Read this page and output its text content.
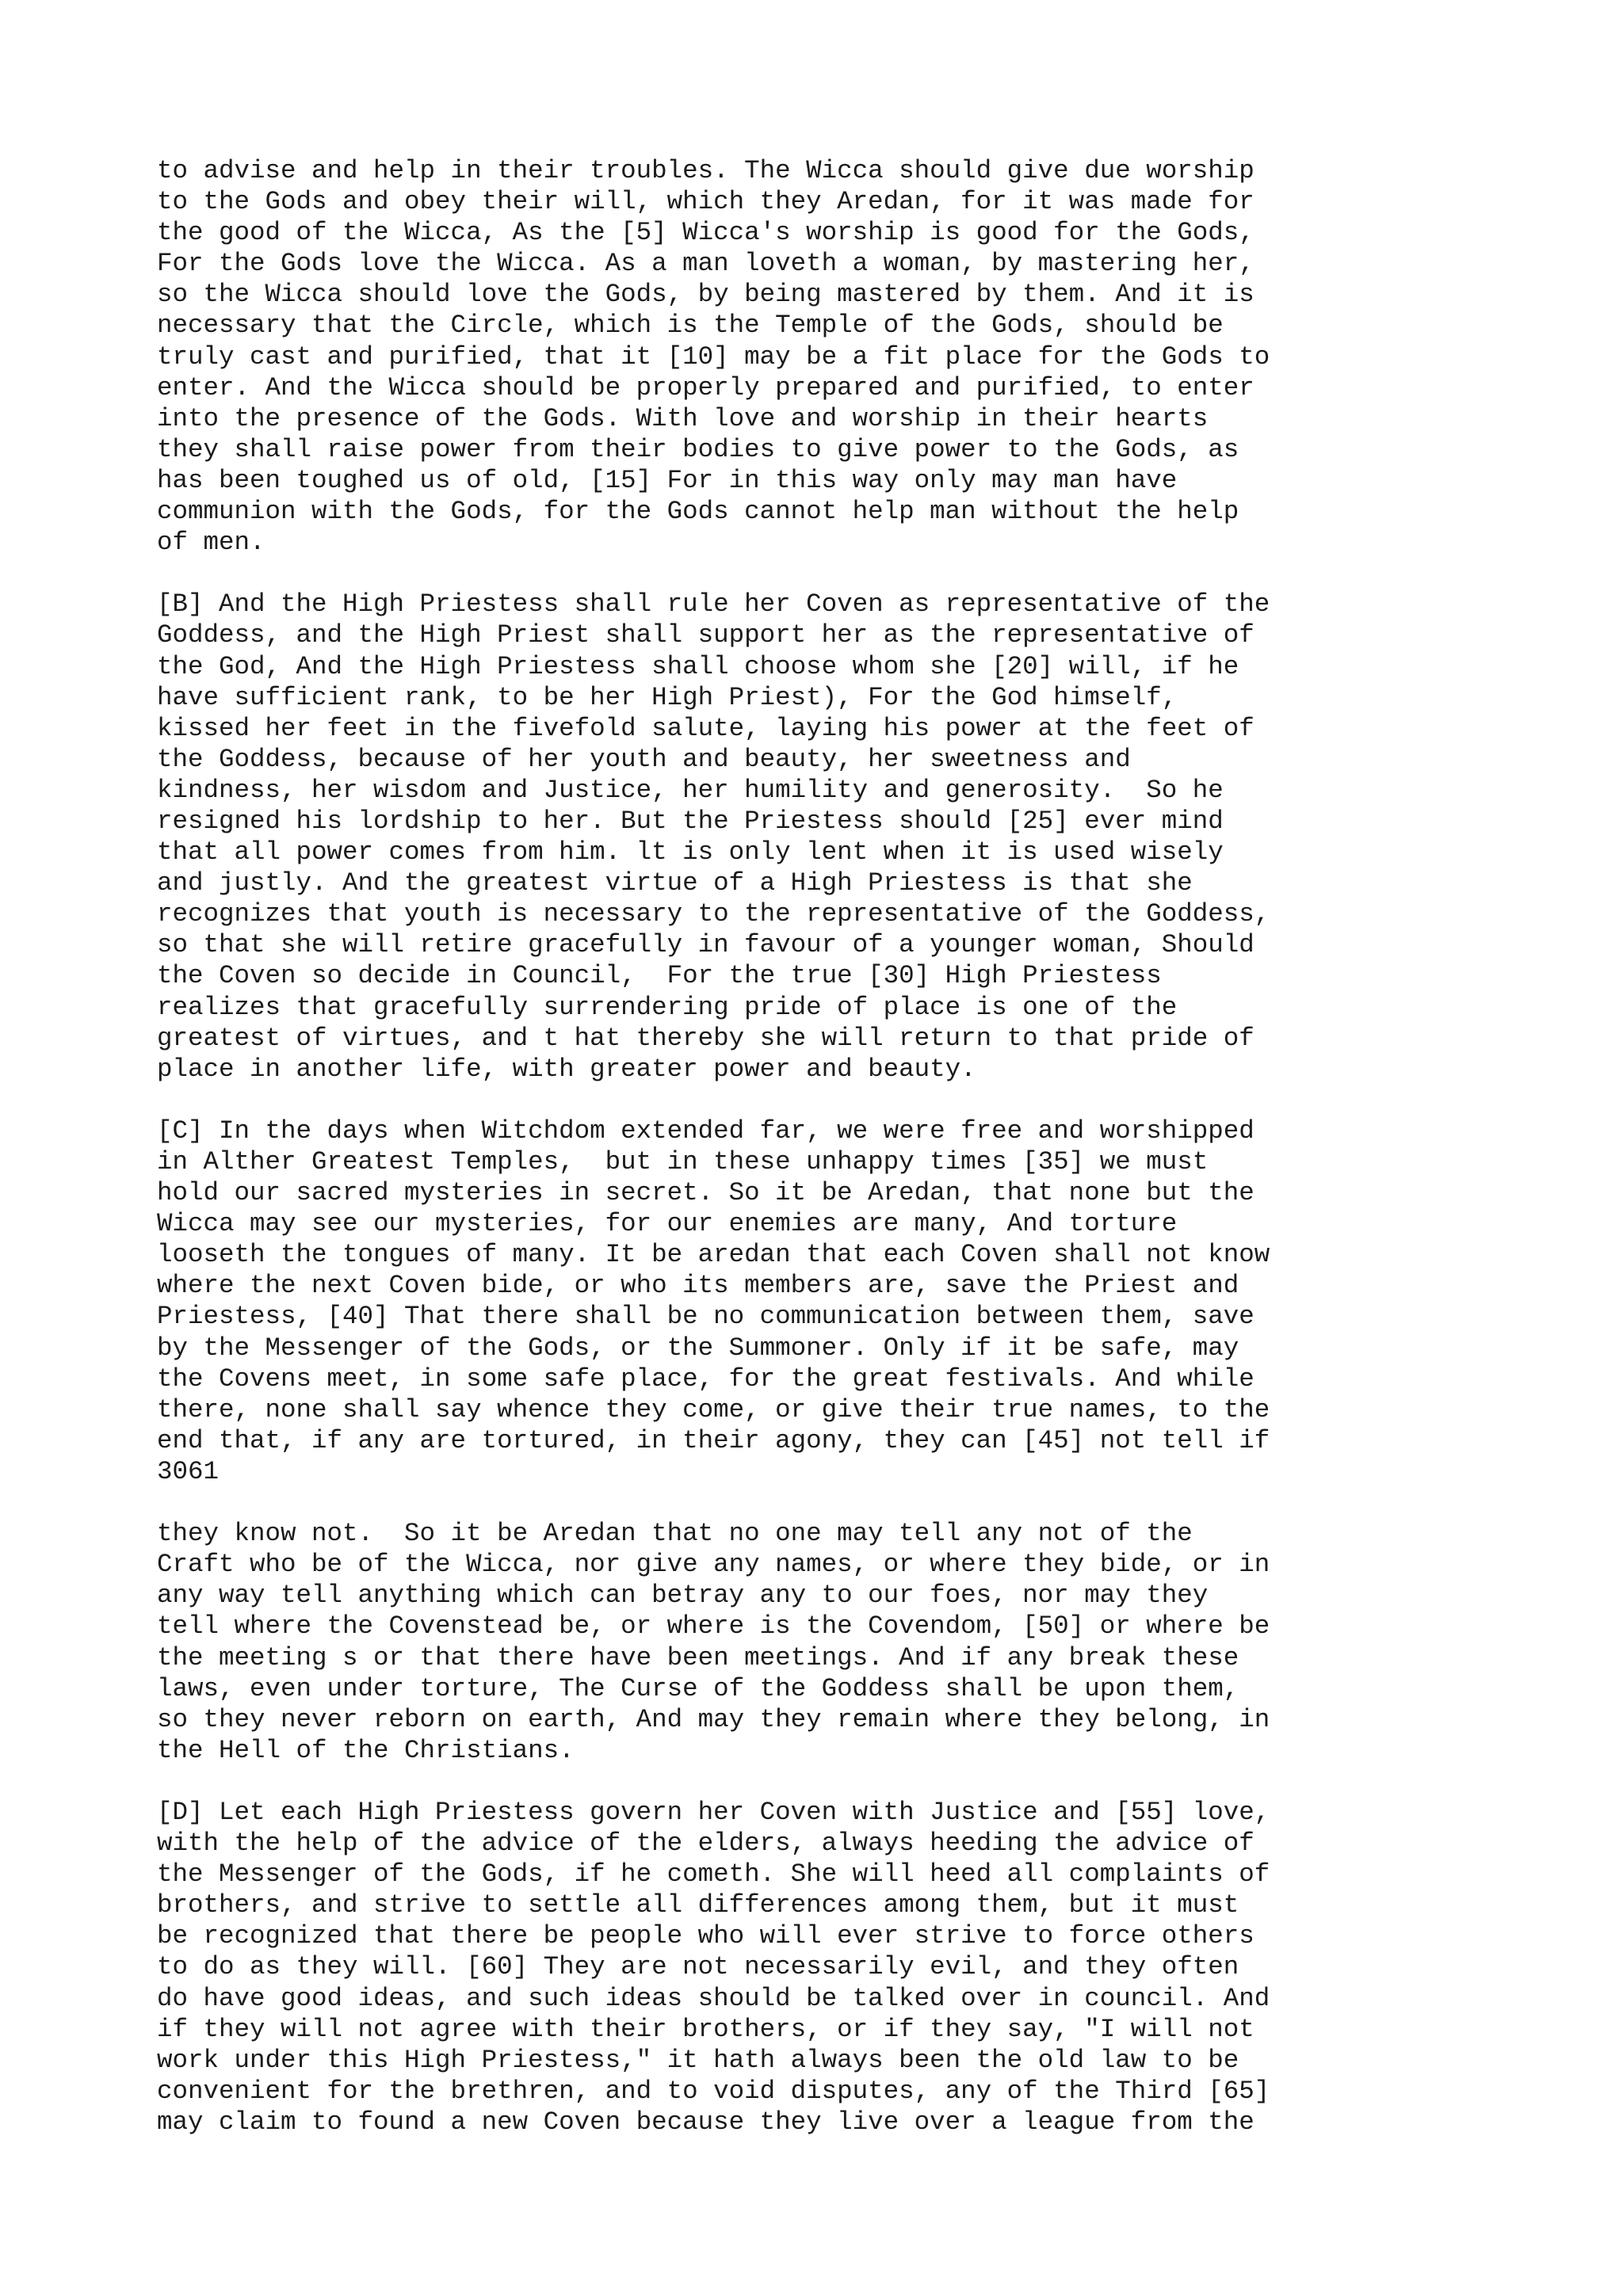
to advise and help in their troubles. The Wicca should give due worship
to the Gods and obey their will, which they Aredan, for it was made for
the good of the Wicca, As the [5] Wicca's worship is good for the Gods,
For the Gods love the Wicca. As a man loveth a woman, by mastering her,
so the Wicca should love the Gods, by being mastered by them. And it is
necessary that the Circle, which is the Temple of the Gods, should be
truly cast and purified, that it [10] may be a fit place for the Gods to
enter. And the Wicca should be properly prepared and purified, to enter
into the presence of the Gods. With love and worship in their hearts
they shall raise power from their bodies to give power to the Gods, as
has been toughed us of old, [15] For in this way only may man have
communion with the Gods, for the Gods cannot help man without the help
of men.
[B] And the High Priestess shall rule her Coven as representative of the
Goddess, and the High Priest shall support her as the representative of
the God, And the High Priestess shall choose whom she [20] will, if he
have sufficient rank, to be her High Priest), For the God himself,
kissed her feet in the fivefold salute, laying his power at the feet of
the Goddess, because of her youth and beauty, her sweetness and
kindness, her wisdom and Justice, her humility and generosity.  So he
resigned his lordship to her. But the Priestess should [25] ever mind
that all power comes from him. lt is only lent when it is used wisely
and justly. And the greatest virtue of a High Priestess is that she
recognizes that youth is necessary to the representative of the Goddess,
so that she will retire gracefully in favour of a younger woman, Should
the Coven so decide in Council,  For the true [30] High Priestess
realizes that gracefully surrendering pride of place is one of the
greatest of virtues, and t hat thereby she will return to that pride of
place in another life, with greater power and beauty.
[C] In the days when Witchdom extended far, we were free and worshipped
in Alther Greatest Temples,  but in these unhappy times [35] we must
hold our sacred mysteries in secret. So it be Aredan, that none but the
Wicca may see our mysteries, for our enemies are many, And torture
looseth the tongues of many. It be aredan that each Coven shall not know
where the next Coven bide, or who its members are, save the Priest and
Priestess, [40] That there shall be no communication between them, save
by the Messenger of the Gods, or the Summoner. Only if it be safe, may
the Covens meet, in some safe place, for the great festivals. And while
there, none shall say whence they come, or give their true names, to the
end that, if any are tortured, in their agony, they can [45] not tell if
3061
they know not.  So it be Aredan that no one may tell any not of the
Craft who be of the Wicca, nor give any names, or where they bide, or in
any way tell anything which can betray any to our foes, nor may they
tell where the Covenstead be, or where is the Covendom, [50] or where be
the meeting s or that there have been meetings. And if any break these
laws, even under torture, The Curse of the Goddess shall be upon them,
so they never reborn on earth, And may they remain where they belong, in
the Hell of the Christians.
[D] Let each High Priestess govern her Coven with Justice and [55] love,
with the help of the advice of the elders, always heeding the advice of
the Messenger of the Gods, if he cometh. She will heed all complaints of
brothers, and strive to settle all differences among them, but it must
be recognized that there be people who will ever strive to force others
to do as they will. [60] They are not necessarily evil, and they often
do have good ideas, and such ideas should be talked over in council. And
if they will not agree with their brothers, or if they say, "I will not
work under this High Priestess," it hath always been the old law to be
convenient for the brethren, and to void disputes, any of the Third [65]
may claim to found a new Coven because they live over a league from the
